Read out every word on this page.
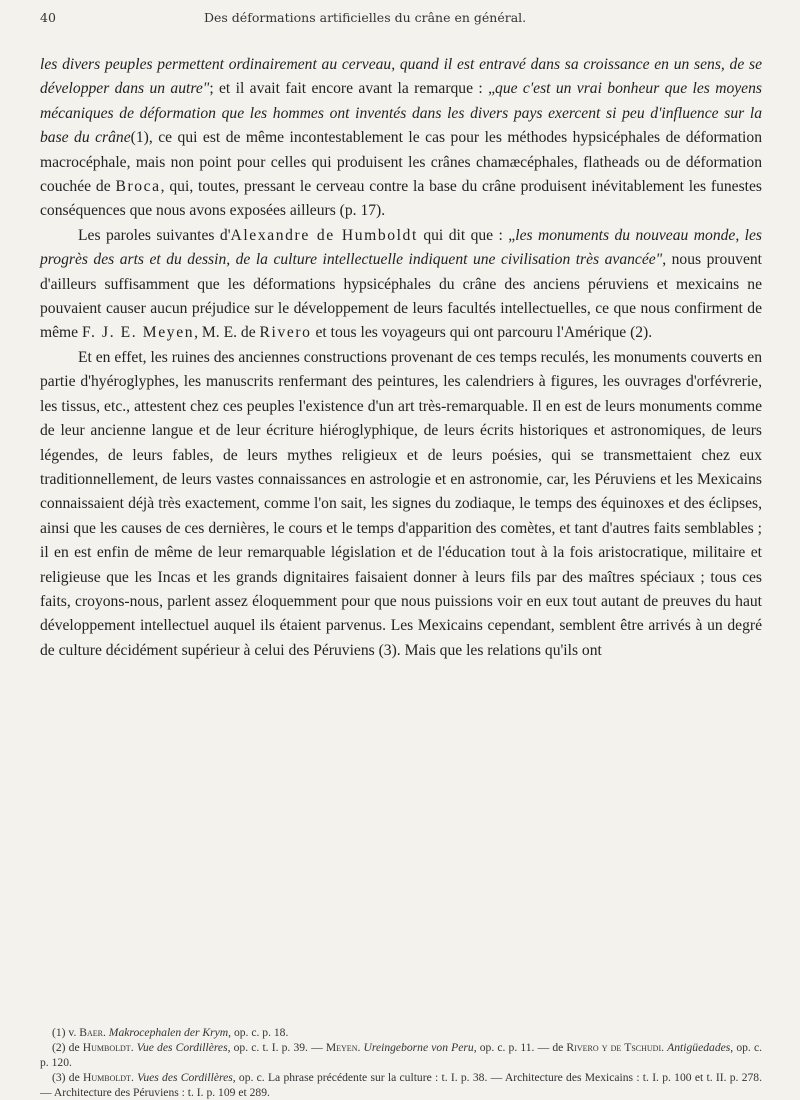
40	Des déformations artificielles du crâne en général.

les divers peuples permettent ordinairement au cerveau, quand il est entravé dans sa croissance en un sens, de se développer dans un autre"; et il avait fait encore avant la remarque : „que c'est un vrai bonheur que les moyens mécaniques de déformation que les hommes ont inventés dans les divers pays exercent si peu d'influence sur la base du crâne(1), ce qui est de même incontestablement le cas pour les méthodes hypsicéphales de déformation macrocéphale, mais non point pour celles qui produisent les crânes chamæcéphales, flatheads ou de déformation couchée de Broca, qui, toutes, pressant le cerveau contre la base du crâne produisent inévitablement les funestes conséquences que nous avons exposées ailleurs (p. 17).

Les paroles suivantes d'Alexandre de Humboldt qui dit que : „les monuments du nouveau monde, les progrès des arts et du dessin, de la culture intellectuelle indiquent une civilisation très avancée", nous prouvent d'ailleurs suffisamment que les déformations hypsicéphales du crâne des anciens péruviens et mexicains ne pouvaient causer aucun préjudice sur le développement de leurs facultés intellectuelles, ce que nous confirment de même F. J. E. Meyen, M. E. de Rivero et tous les voyageurs qui ont parcouru l'Amérique (2).

Et en effet, les ruines des anciennes constructions provenant de ces temps reculés, les monuments couverts en partie d'hyéroglyphes, les manuscrits renfermant des peintures, les calendriers à figures, les ouvrages d'orfévrerie, les tissus, etc., attestent chez ces peuples l'existence d'un art très-remarquable. Il en est de leurs monuments comme de leur ancienne langue et de leur écriture hiéroglyphique, de leurs écrits historiques et astronomiques, de leurs légendes, de leurs fables, de leurs mythes religieux et de leurs poésies, qui se transmettaient chez eux traditionnellement, de leurs vastes connaissances en astrologie et en astronomie, car, les Péruviens et les Mexicains connaissaient déjà très exactement, comme l'on sait, les signes du zodiaque, le temps des équinoxes et des éclipses, ainsi que les causes de ces dernières, le cours et le temps d'apparition des comètes, et tant d'autres faits semblables ; il en est enfin de même de leur remarquable législation et de l'éducation tout à la fois aristocratique, militaire et religieuse que les Incas et les grands dignitaires faisaient donner à leurs fils par des maîtres spéciaux ; tous ces faits, croyons-nous, parlent assez éloquemment pour que nous puissions voir en eux tout autant de preuves du haut développement intellectuel auquel ils étaient parvenus. Les Mexicains cependant, semblent être arrivés à un degré de culture décidément supérieur à celui des Péruviens (3). Mais que les relations qu'ils ont

(1) v. Baer. Makrocephalen der Krym, op. c. p. 18.

(2) de Humboldt. Vue des Cordillères, op. c. t. I. p. 39. — Meyen. Ureingeborne von Peru, op. c. p. 11. — de Rivero y de Tschudi. Antigüedades, op. c. p. 120.

(3) de Humboldt. Vues des Cordillères, op. c. La phrase précédente sur la culture : t. I. p. 38. — Architecture des Mexicains : t. I. p. 100 et t. II. p. 278. — Architecture des Péruviens : t. I. p. 109 et 289.
